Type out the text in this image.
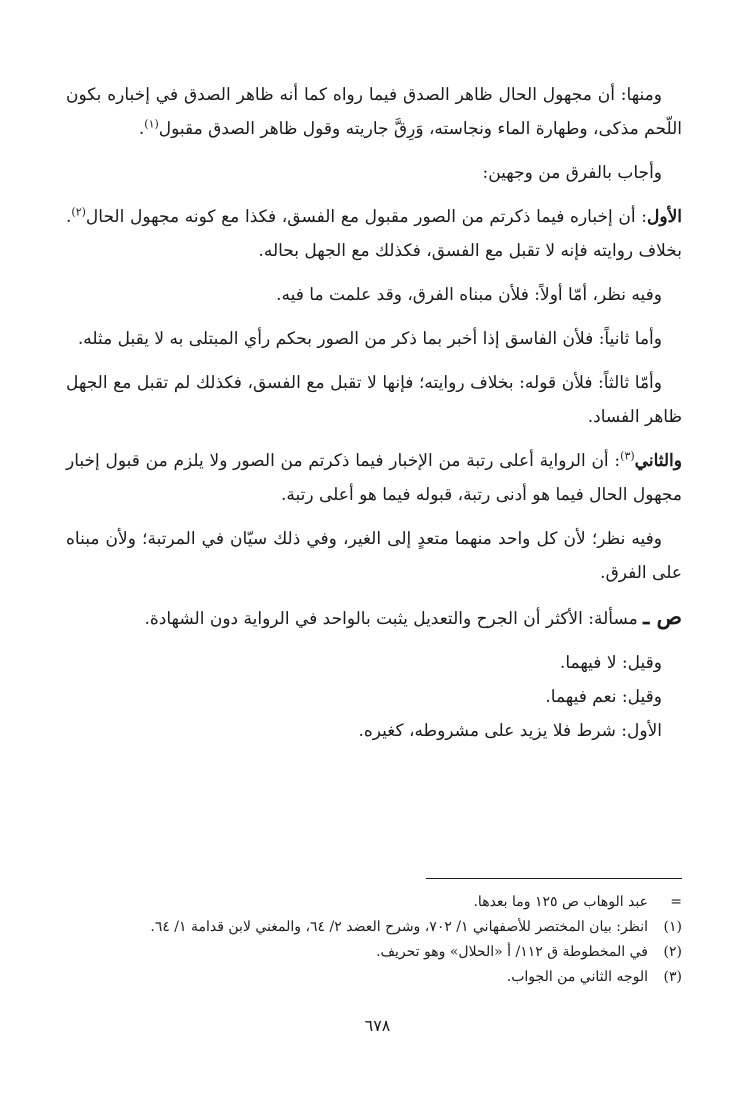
ومنها: أن مجهول الحال ظاهر الصدق فيما رواه كما أنه ظاهر الصدق في إخباره بكون اللّحم مذكى، وطهارة الماء ونجاسته، وَرِقَّ جاريته وقول ظاهر الصدق مقبول$^{(١)}$.

وأجاب بالفرق من وجهين:

الأول: أن إخباره فيما ذكرتم من الصور مقبول مع الفسق، فكذا مع كونه مجهول الحال$^{(٢)}$. بخلاف روايته فإنه لا تقبل مع الفسق، فكذلك مع الجهل بحاله.

وفيه نظر، أمّا أولاً: فلأن مبناه الفرق، وقد علمت ما فيه.

وأما ثانياً: فلأن الفاسق إذا أخبر بما ذكر من الصور بحكم رأي المبتلى به لا يقبل مثله.

وأمّا ثالثاً: فلأن قوله: بخلاف روايته؛ فإنها لا تقبل مع الفسق، فكذلك لم تقبل مع الجهل ظاهر الفساد.

والثاني$^{(٣)}$: أن الرواية أعلى رتبة من الإخبار فيما ذكرتم من الصور ولا يلزم من قبول إخبار مجهول الحال فيما هو أدنى رتبة، قبوله فيما هو أعلى رتبة.

وفيه نظر؛ لأن كل واحد منهما متعدٍ إلى الغير، وفي ذلك سيّان في المرتبة؛ ولأن مبناه على الفرق.

ص ـ مسألة: الأكثر أن الجرح والتعديل يثبت بالواحد في الرواية دون الشهادة.

وقيل: لا فيهما.

وقيل: نعم فيهما.

الأول: شرط فلا يزيد على مشروطه، كغيره.

=
عبد الوهاب ص ١٢٥ وما بعدها.
(١)
انظر: بيان المختصر للأصفهاني ١/ ٧٠٢، وشرح العضد ٢/ ٦٤، والمغني لابن قدامة ١/ ٦٤.
(٢)
في المخطوطة ق ١١٢/ أ «الحلال» وهو تحريف.
(٣)
الوجه الثاني من الجواب.
٦٧٨
